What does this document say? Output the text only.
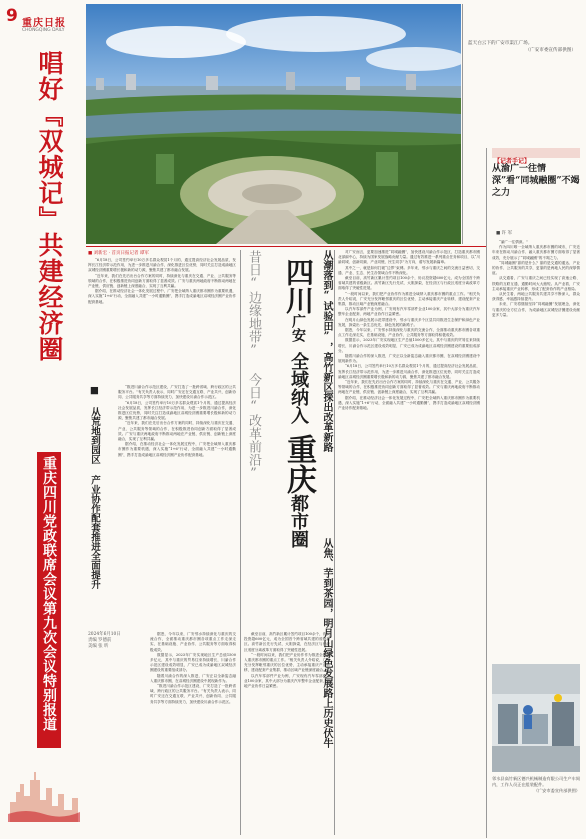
9 重庆日报
CHONGQING DAILY
唱好『双城记』共建经济圈
重庆四川党政联席会议第九次会议特别报道
蓝天白云下的广安市渠江广场。

（广安市委宣传部供图）
【记者手记】
从渝广一往情深”看“同城融圈”不竭之力
■ 许 军

“渝广一往情深。”

作为四川唯一全域纳入重庆都市圈的城市，广安近年来在推动川渝合作、融入重庆都市圈方面取得了显著成效，充分展示了“同城融圈”的不竭之力。

“同城融圈”靠的是什么？靠的是交通的通达、产业的协作、公共服务的共享，更靠的是两地人民的深厚情谊。

从交通看，广安与重庆之间已经实现了高速公路、铁路的互联互通，通勤时间大大缩短。从产业看，广安主动承接重庆产业转移，形成了配套协作的产业格局。

从民生看，两地公共服务共建共享不断深入，群众获得感、幸福感持续提升。

未来，广安将继续坚持“同城融圈”发展理念，深化与重庆的全方位合作，为成渝地区双城经济圈建设贡献更多力量。

从潮落到“试验田”，高竹新区探出改革新路
四川广安全域纳入重庆都市圈
昔日“边缘地带” 今日“改革前沿”
从焦、芋到茶园，明月山绿色发展路上历史伏牛
■ 刘新宏 · 首页日报记者 谭军

“6月18日，公司签约举行10万多名群众观赏1个月的，通过提高经济社会发展品质，发挥长江经济带示范作用，为进一步推进川渝合作，深化推进区位优势，同时关注打造成渝地区双城经济圈重要增长极和新的动力源，聚焦共建了都市融合发展。

“近年来，我们在先后出台合作方案的同时，持续深化与重庆在交通、产业、公共服务等领域的合作，在积极推进协同创新方面取得了显著成效。广安与重庆两地政府不断推动两地在产业链、供应链、创新链上深度融合，实现了互利共赢。

据介绍，在推动经济社会一体化发展过程中，广安把全域纳入重庆都市圈作为重要机遇，深入实施“1+6”行动，全面融入共建“一小时通勤圈”，携手打造成渝地区双城经济圈产业协作配套基地。

■ 从荒地到园区 产业协作配套推进全面提升	“推进川渝合作示范区建设，广安打造了一批跨省域、跨行政区的公共服务平台。”有关负责人表示，同时广安还在交通互联、产业共兴、创新协同、公共服务共享等方面持续发力，加快建设川渝合作示范区。

“6月18日，公司签约举行10万多名群众观赏1个月的，通过提高经济社会发展品质，发挥长江经济带示范作用，为进一步推进川渝合作，深化推进区位优势，同时关注打造成渝地区双城经济圈重要增长极和新的动力源，聚焦共建了都市融合发展。

“近年来，我们在先后出台合作方案的同时，持续深化与重庆在交通、产业、公共服务等领域的合作，在积极推进协同创新方面取得了显著成效。广安与重庆两地政府不断推动两地在产业链、供应链、创新链上深度融合，实现了互利共赢。

据介绍，在推动经济社会一体化发展过程中，广安把全域纳入重庆都市圈作为重要机遇，深入实施“1+6”行动，全面融入共建“一小时通勤圈”，携手打造成渝地区双城经济圈产业协作配套基地。

2024年6月10日
责编 罗德前
美编 张 昕

据悉，今年以来，广安邻水持续深化与重庆的交流合作，全面推动重庆都市圈各项重点工作走深走实，在基础设施、产业协作、公共服务等方面取得积极成效。

数据显示，2023年广安实现地区生产总值1500多亿元，其中与重庆的贸易往来持续增长，川渝合作示范区建设成效明显，广安已成为成渝地区双城经济圈建设的重要组成部分。

随着川渝合作的深入推进，广安正以全新姿态融入重庆都市圈，在双城经济圈建设中展现新作为。

“推进川渝合作示范区建设，广安打造了一批跨省域、跨行政区的公共服务平台。”有关负责人表示，同时广安还在交通互联、产业共兴、创新协同、公共服务共享等方面持续发力，加快建设川渝合作示范区。

截至目前，高竹新区累计签约项目100余个，协议投资超600亿元，成为全国首个跨省域共建的省级新区。高竹新区先行先试、大胆探索，在经济区与行政区适度分离改革方面取得了突破性进展。

“一段时间以来，我们把产业协作作为推进全域纳入重庆都市圈的重点工作。”相关负责人介绍说，广安充分发挥毗邻重庆的区位优势，主动承接重庆产业转移，建设配套产业集群，推动区域产业链深度融合。

以汽车零部件产业为例，广安现有汽车零部件企业100余家，其中大部分为重庆汽车整车企业配套，两地产业协作日益紧密。

对广安而言，更要加速推进“同城融圈”，加快建设川渝合作示范区，打造重庆都市圈北部副中心，持续为国家发展战略贡献力量。通过有效推进一系列重点任务和项目，以“川渝同城、创新同频、产业同链、民生同享”为方向，谱写发展新篇章。

其中之一，就是如何打破“边界”束缚。多年来，邻水与重庆之间的交流日益密切，交通、产业、生态、民生各领域合作不断深化。

截至目前，高竹新区累计签约项目100余个，协议投资超600亿元，成为全国首个跨省域共建的省级新区。高竹新区先行先试、大胆探索，在经济区与行政区适度分离改革方面取得了突破性进展。

“一段时间以来，我们把产业协作作为推进全域纳入重庆都市圈的重点工作。”相关负责人介绍说，广安充分发挥毗邻重庆的区位优势，主动承接重庆产业转移，建设配套产业集群，推动区域产业链深度融合。

以汽车零部件产业为例，广安现有汽车零部件企业100余家，其中大部分为重庆汽车整车企业配套，两地产业协作日益紧密。

在明月山绿色发展示范带建设中，邻水与重庆多个区县共同推进生态保护和绿色产业发展，探索出一条生态优先、绿色发展的新路子。

据悉，今年以来，广安邻水持续深化与重庆的交流合作，全面推动重庆都市圈各项重点工作走深走实，在基础设施、产业协作、公共服务等方面取得积极成效。

数据显示，2023年广安实现地区生产总值1500多亿元，其中与重庆的贸易往来持续增长，川渝合作示范区建设成效明显，广安已成为成渝地区双城经济圈建设的重要组成部分。

随着川渝合作的深入推进，广安正以全新姿态融入重庆都市圈，在双城经济圈建设中展现新作为。

“6月18日，公司签约举行10万多名群众观赏1个月的，通过提高经济社会发展品质，发挥长江经济带示范作用，为进一步推进川渝合作，深化推进区位优势，同时关注打造成渝地区双城经济圈重要增长极和新的动力源，聚焦共建了都市融合发展。

“近年来，我们在先后出台合作方案的同时，持续深化与重庆在交通、产业、公共服务等领域的合作，在积极推进协同创新方面取得了显著成效。广安与重庆两地政府不断推动两地在产业链、供应链、创新链上深度融合，实现了互利共赢。

据介绍，在推动经济社会一体化发展过程中，广安把全域纳入重庆都市圈作为重要机遇，深入实施“1+6”行动，全面融入共建“一小时通勤圈”，携手打造成渝地区双城经济圈产业协作配套基地。

邻水县高竹新区德兴机械制造有限公司生产车间内，工作人员正在组装配件。
（广安市委宣传部供图）
